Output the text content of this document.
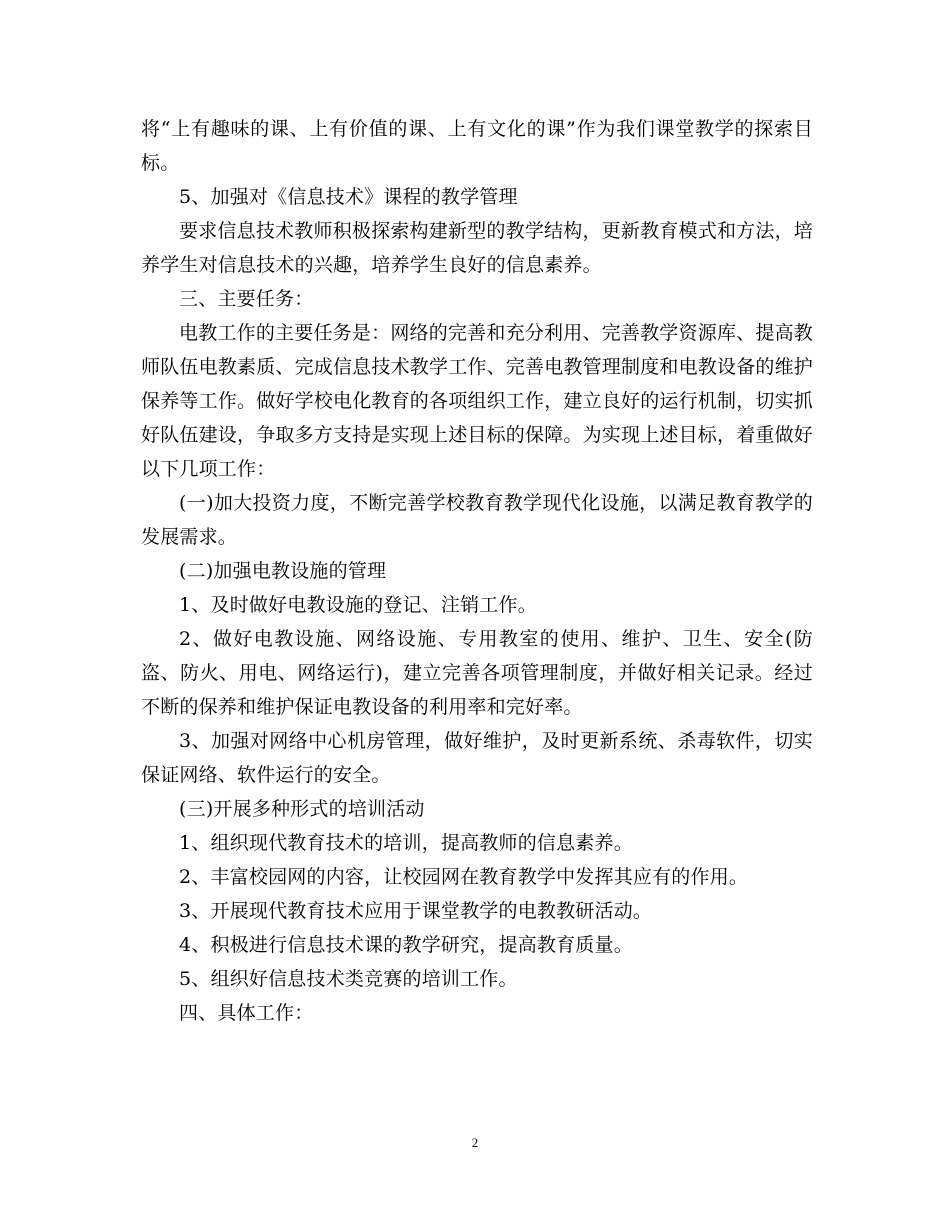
将“上有趣味的课、上有价值的课、上有文化的课”作为我们课堂教学的探索目标。

5、加强对《信息技术》课程的教学管理

要求信息技术教师积极探索构建新型的教学结构，更新教育模式和方法，培养学生对信息技术的兴趣，培养学生良好的信息素养。

三、主要任务：

电教工作的主要任务是：网络的完善和充分利用、完善教学资源库、提高教师队伍电教素质、完成信息技术教学工作、完善电教管理制度和电教设备的维护保养等工作。做好学校电化教育的各项组织工作，建立良好的运行机制，切实抓好队伍建设，争取多方支持是实现上述目标的保障。为实现上述目标，着重做好以下几项工作：

(一)加大投资力度，不断完善学校教育教学现代化设施，以满足教育教学的发展需求。

(二)加强电教设施的管理

1、及时做好电教设施的登记、注销工作。

2、做好电教设施、网络设施、专用教室的使用、维护、卫生、安全(防盗、防火、用电、网络运行)，建立完善各项管理制度，并做好相关记录。经过不断的保养和维护保证电教设备的利用率和完好率。

3、加强对网络中心机房管理，做好维护，及时更新系统、杀毒软件，切实保证网络、软件运行的安全。

(三)开展多种形式的培训活动

1、组织现代教育技术的培训，提高教师的信息素养。

2、丰富校园网的内容，让校园网在教育教学中发挥其应有的作用。

3、开展现代教育技术应用于课堂教学的电教教研活动。

4、积极进行信息技术课的教学研究，提高教育质量。

5、组织好信息技术类竞赛的培训工作。

四、具体工作：

2
